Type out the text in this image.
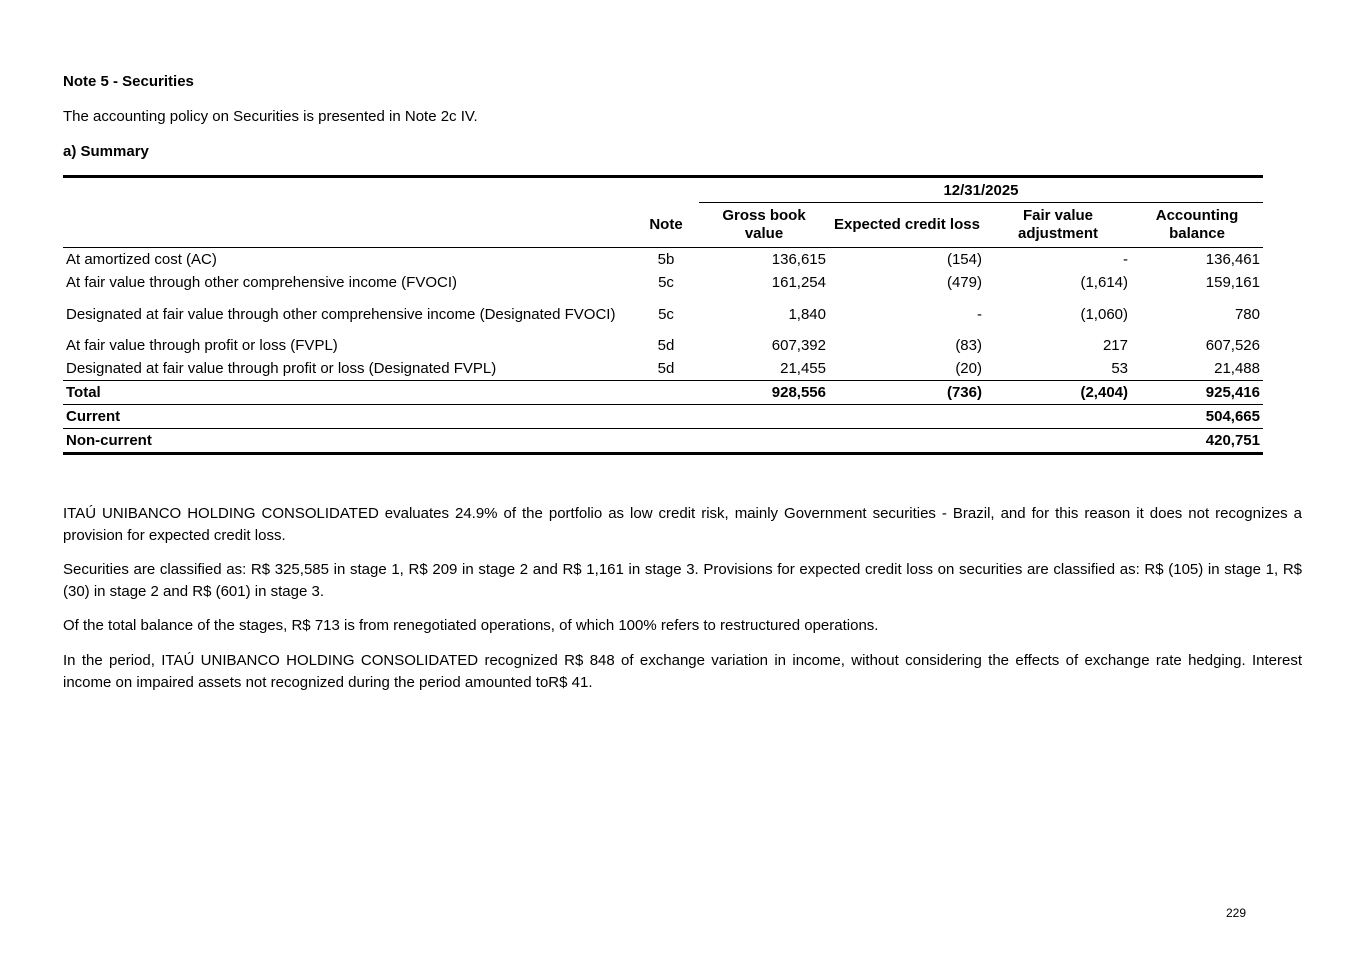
Note 5 - Securities

The accounting policy on Securities is presented in Note 2c IV.

a) Summary
		12/31/2025			
	Note	Gross book value	Expected credit loss	Fair value adjustment	Accounting balance
At amortized cost (AC)	5b	136,615	(154)	-	136,461
At fair value through other comprehensive income (FVOCI)	5c	161,254	(479)	(1,614)	159,161
Designated at fair value through other comprehensive income (Designated FVOCI)	5c	1,840	-	(1,060)	780
At fair value through profit or loss (FVPL)	5d	607,392	(83)	217	607,526
Designated at fair value through profit or loss (Designated FVPL)	5d	21,455	(20)	53	21,488
Total		928,556	(736)	(2,404)	925,416
Current					504,665
Non-current					420,751

ITAÚ UNIBANCO HOLDING CONSOLIDATED evaluates 24.9% of the portfolio as low credit risk, mainly Government securities - Brazil, and for this reason it does not recognizes a provision for expected credit loss.

Securities are classified as: R$ 325,585 in stage 1, R$ 209 in stage 2 and R$ 1,161 in stage 3. Provisions for expected credit loss on securities are classified as: R$ (105) in stage 1, R$ (30) in stage 2 and R$ (601) in stage 3.

Of the total balance of the stages, R$ 713 is from renegotiated operations, of which 100% refers to restructured operations.

In the period, ITAÚ UNIBANCO HOLDING CONSOLIDATED recognized R$ 848 of exchange variation in income, without considering the effects of exchange rate hedging. Interest income on impaired assets not recognized during the period amounted toR$ 41.

229
